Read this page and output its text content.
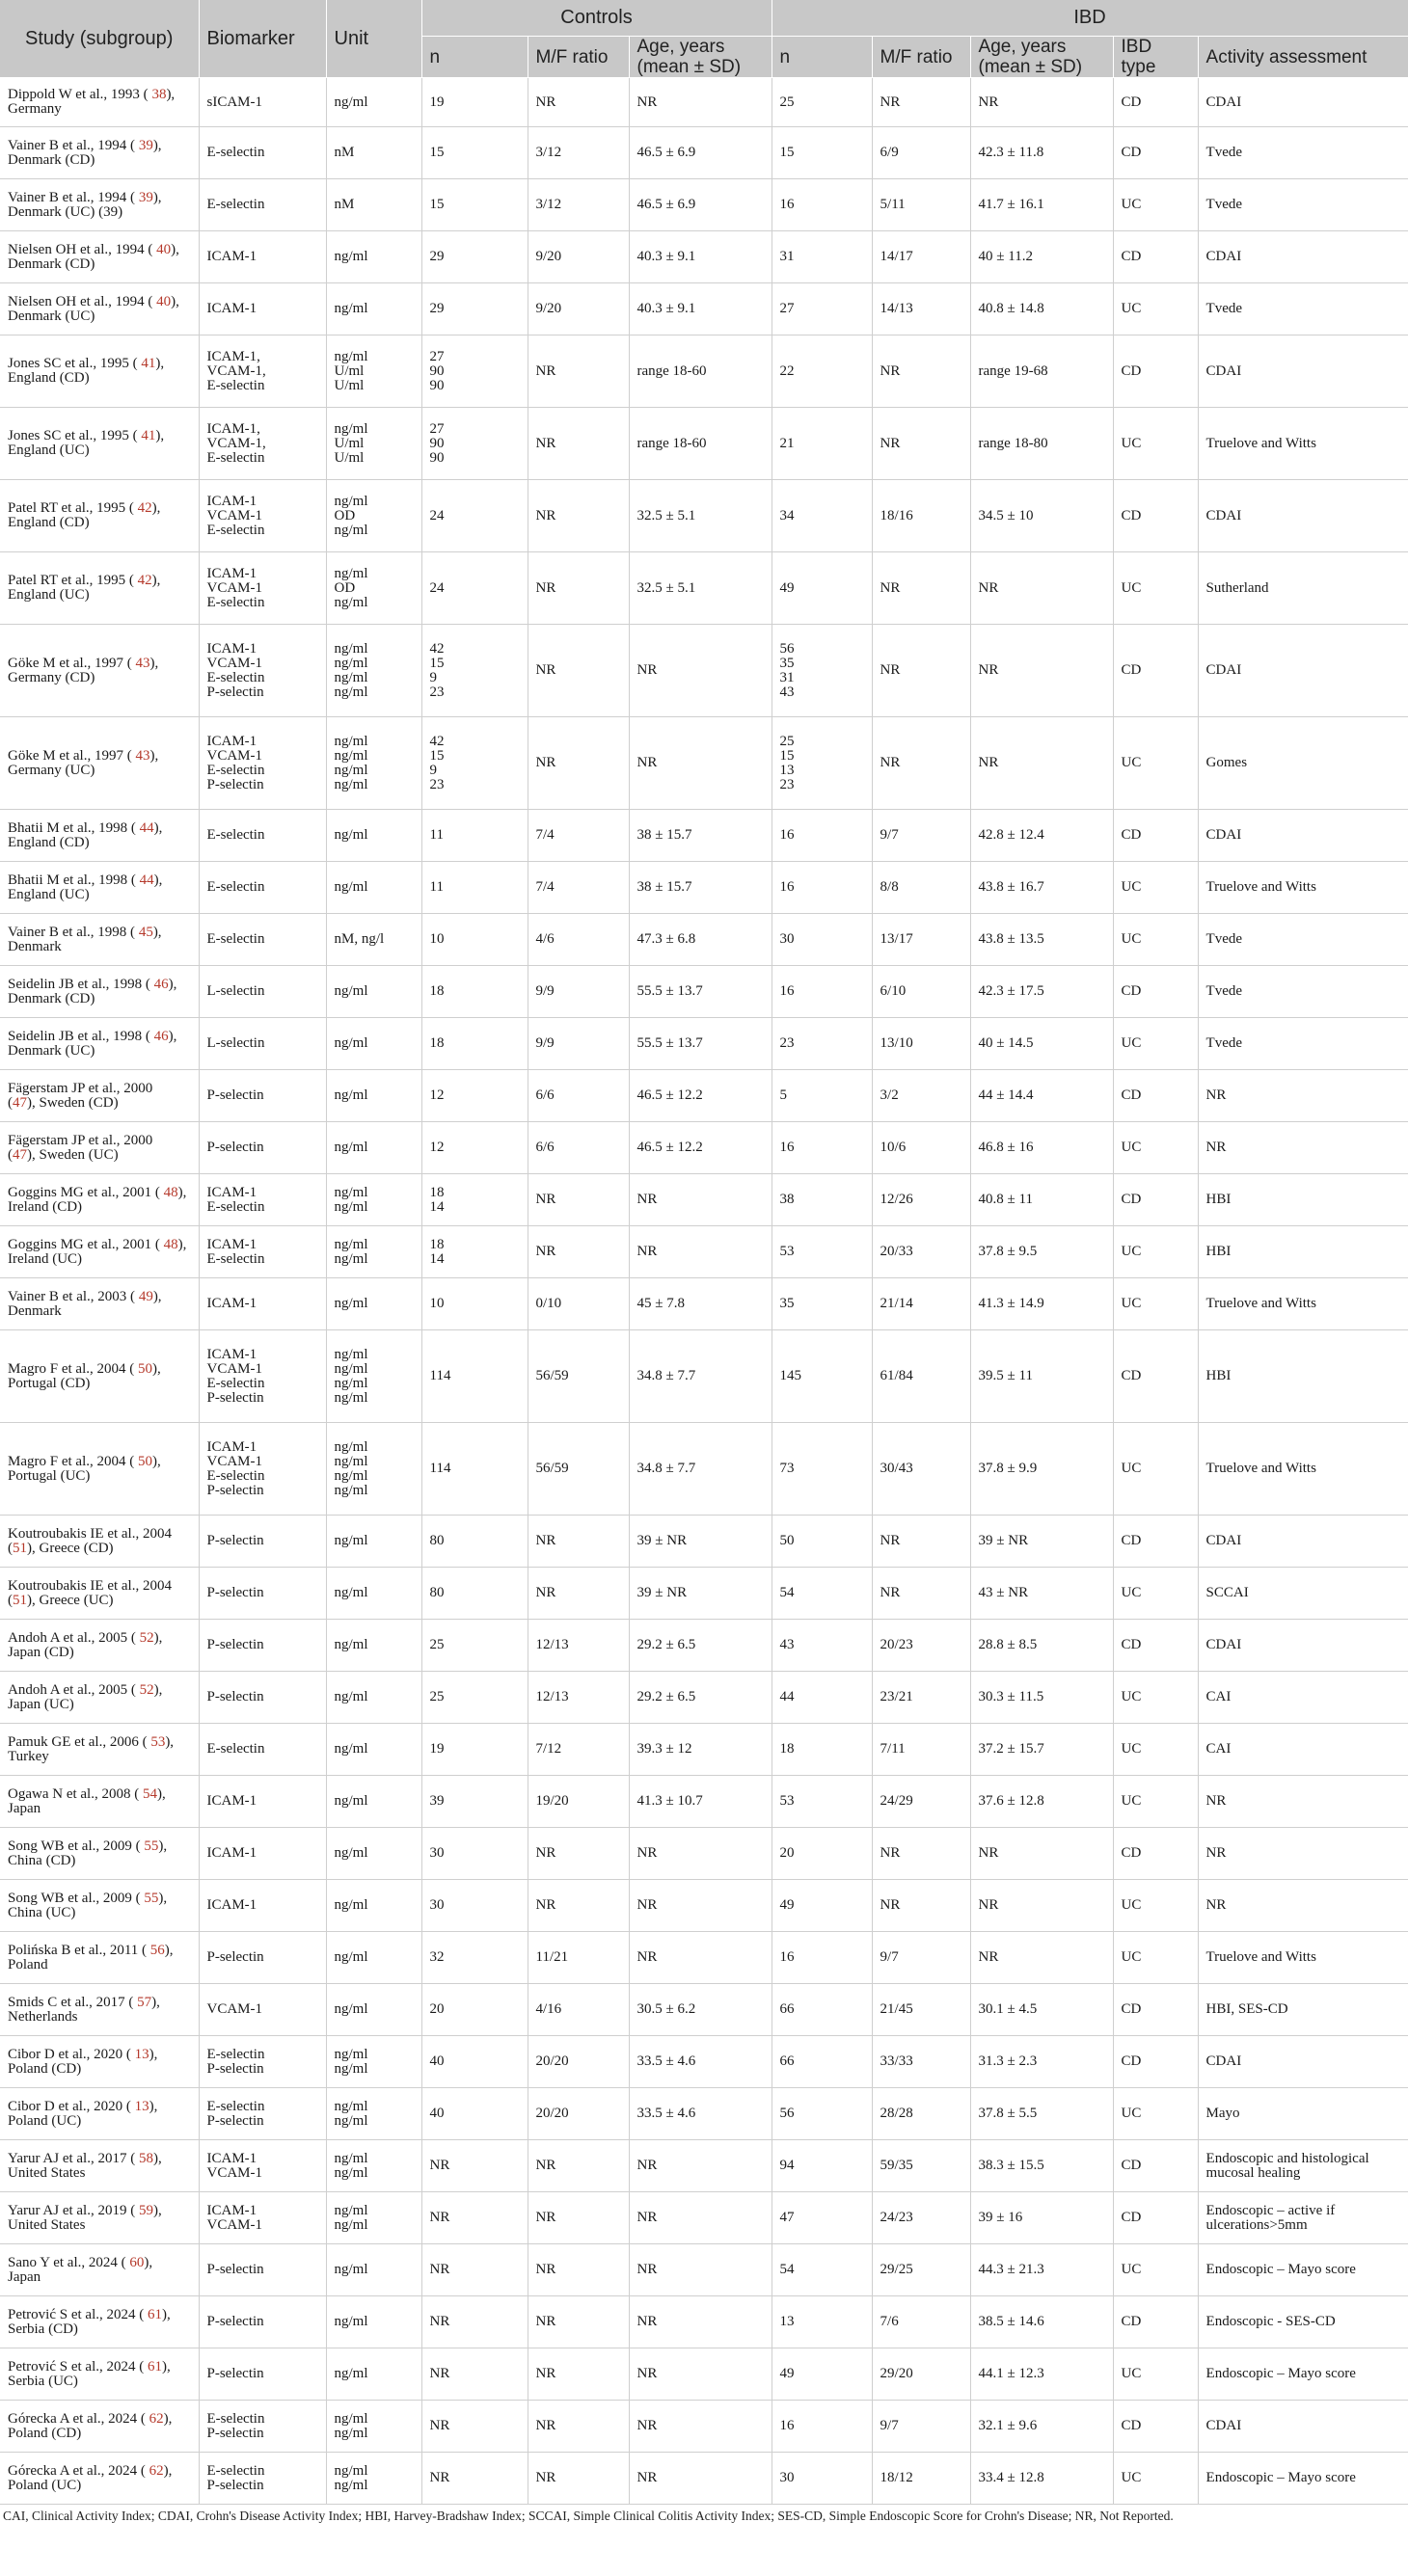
Study (subgroup)	Biomarker	Unit	Controls			IBD				
			n	M/F ratio	Age, years (mean ± SD)	n	M/F ratio	Age, years (mean ± SD)	IBD type	Activity assessment
Dippold W et al., 1993 ( 38),
Germany	sICAM-1	ng/ml	19	NR	NR	25	NR	NR	CD	CDAI
Vainer B et al., 1994 ( 39),
Denmark (CD)	E-selectin	nM	15	3/12	46.5 ± 6.9	15	6/9	42.3 ± 11.8	CD	Tvede
Vainer B et al., 1994 ( 39),
Denmark (UC) (39)	E-selectin	nM	15	3/12	46.5 ± 6.9	16	5/11	41.7 ± 16.1	UC	Tvede
Nielsen OH et al., 1994 ( 40),
Denmark (CD)	ICAM-1	ng/ml	29	9/20	40.3 ± 9.1	31	14/17	40 ± 11.2	CD	CDAI
Nielsen OH et al., 1994 ( 40),
Denmark (UC)	ICAM-1	ng/ml	29	9/20	40.3 ± 9.1	27	14/13	40.8 ± 14.8	UC	Tvede
Jones SC et al., 1995 ( 41),
England (CD)	ICAM-1,
VCAM-1,
E-selectin	ng/ml
U/ml
U/ml	27
90
90	NR	range 18-60	22	NR	range 19-68	CD	CDAI
Jones SC et al., 1995 ( 41),
England (UC)	ICAM-1,
VCAM-1,
E-selectin	ng/ml
U/ml
U/ml	27
90
90	NR	range 18-60	21	NR	range 18-80	UC	Truelove and Witts
Patel RT et al., 1995 ( 42),
England (CD)	ICAM-1
VCAM-1
E-selectin	ng/ml
OD
ng/ml	24	NR	32.5 ± 5.1	34	18/16	34.5 ± 10	CD	CDAI
Patel RT et al., 1995 ( 42),
England (UC)	ICAM-1
VCAM-1
E-selectin	ng/ml
OD
ng/ml	24	NR	32.5 ± 5.1	49	NR	NR	UC	Sutherland
Göke M et al., 1997 ( 43),
Germany (CD)	ICAM-1
VCAM-1
E-selectin
P-selectin	ng/ml
ng/ml
ng/ml
ng/ml	42
15
9
23	NR	NR	56
35
31
43	NR	NR	CD	CDAI
Göke M et al., 1997 ( 43),
Germany (UC)	ICAM-1
VCAM-1
E-selectin
P-selectin	ng/ml
ng/ml
ng/ml
ng/ml	42
15
9
23	NR	NR	25
15
13
23	NR	NR	UC	Gomes
Bhatii M et al., 1998 ( 44),
England (CD)	E-selectin	ng/ml	11	7/4	38 ± 15.7	16	9/7	42.8 ± 12.4	CD	CDAI
Bhatii M et al., 1998 ( 44),
England (UC)	E-selectin	ng/ml	11	7/4	38 ± 15.7	16	8/8	43.8 ± 16.7	UC	Truelove and Witts
Vainer B et al., 1998 ( 45),
Denmark	E-selectin	nM, ng/l	10	4/6	47.3 ± 6.8	30	13/17	43.8 ± 13.5	UC	Tvede
Seidelin JB et al., 1998 ( 46),
Denmark (CD)	L-selectin	ng/ml	18	9/9	55.5 ± 13.7	16	6/10	42.3 ± 17.5	CD	Tvede
Seidelin JB et al., 1998 ( 46),
Denmark (UC)	L-selectin	ng/ml	18	9/9	55.5 ± 13.7	23	13/10	40 ± 14.5	UC	Tvede
Fägerstam JP et al., 2000
(47), Sweden (CD)	P-selectin	ng/ml	12	6/6	46.5 ± 12.2	5	3/2	44 ± 14.4	CD	NR
Fägerstam JP et al., 2000
(47), Sweden (UC)	P-selectin	ng/ml	12	6/6	46.5 ± 12.2	16	10/6	46.8 ± 16	UC	NR
Goggins MG et al., 2001 ( 48),
Ireland (CD)	ICAM-1
E-selectin	ng/ml
ng/ml	18
14	NR	NR	38	12/26	40.8 ± 11	CD	HBI
Goggins MG et al., 2001 ( 48),
Ireland (UC)	ICAM-1
E-selectin	ng/ml
ng/ml	18
14	NR	NR	53	20/33	37.8 ± 9.5	UC	HBI
Vainer B et al., 2003 ( 49),
Denmark	ICAM-1	ng/ml	10	0/10	45 ± 7.8	35	21/14	41.3 ± 14.9	UC	Truelove and Witts
Magro F et al., 2004 ( 50),
Portugal (CD)	ICAM-1
VCAM-1
E-selectin
P-selectin	ng/ml
ng/ml
ng/ml
ng/ml	114	56/59	34.8 ± 7.7	145	61/84	39.5 ± 11	CD	HBI
Magro F et al., 2004 ( 50),
Portugal (UC)	ICAM-1
VCAM-1
E-selectin
P-selectin	ng/ml
ng/ml
ng/ml
ng/ml	114	56/59	34.8 ± 7.7	73	30/43	37.8 ± 9.9	UC	Truelove and Witts
Koutroubakis IE et al., 2004
(51), Greece (CD)	P-selectin	ng/ml	80	NR	39 ± NR	50	NR	39 ± NR	CD	CDAI
Koutroubakis IE et al., 2004
(51), Greece (UC)	P-selectin	ng/ml	80	NR	39 ± NR	54	NR	43 ± NR	UC	SCCAI
Andoh A et al., 2005 ( 52),
Japan (CD)	P-selectin	ng/ml	25	12/13	29.2 ± 6.5	43	20/23	28.8 ± 8.5	CD	CDAI
Andoh A et al., 2005 ( 52),
Japan (UC)	P-selectin	ng/ml	25	12/13	29.2 ± 6.5	44	23/21	30.3 ± 11.5	UC	CAI
Pamuk GE et al., 2006 ( 53),
Turkey	E-selectin	ng/ml	19	7/12	39.3 ± 12	18	7/11	37.2 ± 15.7	UC	CAI
Ogawa N et al., 2008 ( 54),
Japan	ICAM-1	ng/ml	39	19/20	41.3 ± 10.7	53	24/29	37.6 ± 12.8	UC	NR
Song WB et al., 2009 ( 55),
China (CD)	ICAM-1	ng/ml	30	NR	NR	20	NR	NR	CD	NR
Song WB et al., 2009 ( 55),
China (UC)	ICAM-1	ng/ml	30	NR	NR	49	NR	NR	UC	NR
Polińska B et al., 2011 ( 56),
Poland	P-selectin	ng/ml	32	11/21	NR	16	9/7	NR	UC	Truelove and Witts
Smids C et al., 2017 ( 57),
Netherlands	VCAM-1	ng/ml	20	4/16	30.5 ± 6.2	66	21/45	30.1 ± 4.5	CD	HBI, SES-CD
Cibor D et al., 2020 ( 13),
Poland (CD)	E-selectin
P-selectin	ng/ml
ng/ml	40	20/20	33.5 ± 4.6	66	33/33	31.3 ± 2.3	CD	CDAI
Cibor D et al., 2020 ( 13),
Poland (UC)	E-selectin
P-selectin	ng/ml
ng/ml	40	20/20	33.5 ± 4.6	56	28/28	37.8 ± 5.5	UC	Mayo
Yarur AJ et al., 2017 ( 58),
United States	ICAM-1
VCAM-1	ng/ml
ng/ml	NR	NR	NR	94	59/35	38.3 ± 15.5	CD	Endoscopic and histological
mucosal healing
Yarur AJ et al., 2019 ( 59),
United States	ICAM-1
VCAM-1	ng/ml
ng/ml	NR	NR	NR	47	24/23	39 ± 16	CD	Endoscopic – active if
ulcerations>5mm
Sano Y et al., 2024 ( 60),
Japan	P-selectin	ng/ml	NR	NR	NR	54	29/25	44.3 ± 21.3	UC	Endoscopic – Mayo score
Petrović S et al., 2024 ( 61),
Serbia (CD)	P-selectin	ng/ml	NR	NR	NR	13	7/6	38.5 ± 14.6	CD	Endoscopic - SES-CD
Petrović S et al., 2024 ( 61),
Serbia (UC)	P-selectin	ng/ml	NR	NR	NR	49	29/20	44.1 ± 12.3	UC	Endoscopic – Mayo score
Górecka A et al., 2024 ( 62),
Poland (CD)	E-selectin
P-selectin	ng/ml
ng/ml	NR	NR	NR	16	9/7	32.1 ± 9.6	CD	CDAI
Górecka A et al., 2024 ( 62),
Poland (UC)	E-selectin
P-selectin	ng/ml
ng/ml	NR	NR	NR	30	18/12	33.4 ± 12.8	UC	Endoscopic – Mayo score
CAI, Clinical Activity Index; CDAI, Crohn's Disease Activity Index; HBI, Harvey-Bradshaw Index; SCCAI, Simple Clinical Colitis Activity Index; SES-CD, Simple Endoscopic Score for Crohn's Disease; NR, Not Reported.
